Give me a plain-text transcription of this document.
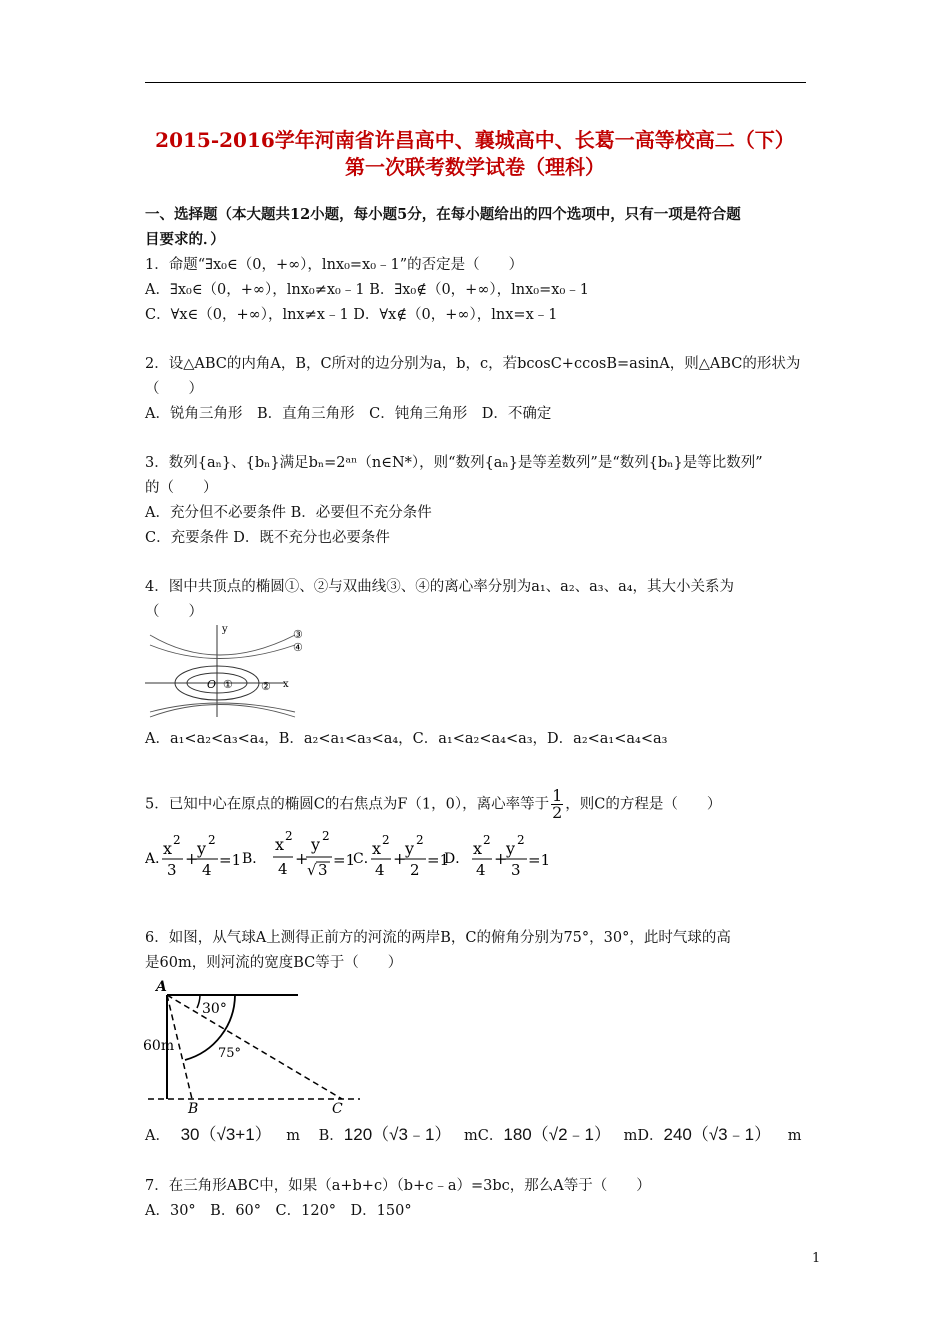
2015-2016学年河南省许昌高中、襄城高中、长葛一高等校高二（下）
第一次联考数学试卷（理科）
一、选择题（本大题共12小题，每小题5分，在每小题给出的四个选项中，只有一项是符合题
目要求的．）
1．命题“∃x₀∈（0，+∞），lnx₀=x₀﹣1”的否定是（　　）
A．∃x₀∈（0，+∞），lnx₀≠x₀﹣1 B．∃x₀∉（0，+∞），lnx₀=x₀﹣1
C．∀x∈（0，+∞），lnx≠x﹣1 D．∀x∉（0，+∞），lnx=x﹣1
2．设△ABC的内角A，B，C所对的边分别为a，b，c，若bcosC+ccosB=asinA，则△ABC的形状为
（　　）
A．锐角三角形　B．直角三角形　C．钝角三角形　D．不确定
3．数列{aₙ}、{bₙ}满足bₙ=2ᵃⁿ（n∈N*），则“数列{aₙ}是等差数列”是“数列{bₙ}是等比数列”
的（　　）
A．充分但不必要条件 B．必要但不充分条件
C．充要条件 D．既不充分也必要条件
4．图中共顶点的椭圆①、②与双曲线③、④的离心率分别为a₁、a₂、a₃、a₄，其大小关系为
（　　）
y
x
O ①	②
③
④
A．a₁<a₂<a₃<a₄，B．a₂<a₁<a₃<a₄，C．a₁<a₂<a₄<a₃，D．a₂<a₁<a₄<a₃
5．已知中心在原点的椭圆C的右焦点为F（1，0），离心率等于 $\frac{1}{2}$ ，则C的方程是（　　）
A．
x 2
3
+
y 2
4
=1 B．
x 2
4
+
y 2
√ 3
=1
C．
x 2
4
+
y 2
2
=1
D．
x 2
4
+
y 2
3
=1
6．如图，从气球A上测得正前方的河流的两岸B，C的俯角分别为75°，30°，此时气球的高
是60m，则河流的宽度BC等于（　　）
A
30°
75°
60m
B	C
A． 30（√3+1） m B．120（√3﹣1） mC．180（√2﹣1） mD．240（√3﹣1） m
7．在三角形ABC中，如果（a+b+c）（b+c﹣a）=3bc，那么A等于（　　）
A．30°　B．60°　C．120°　D．150°
1
